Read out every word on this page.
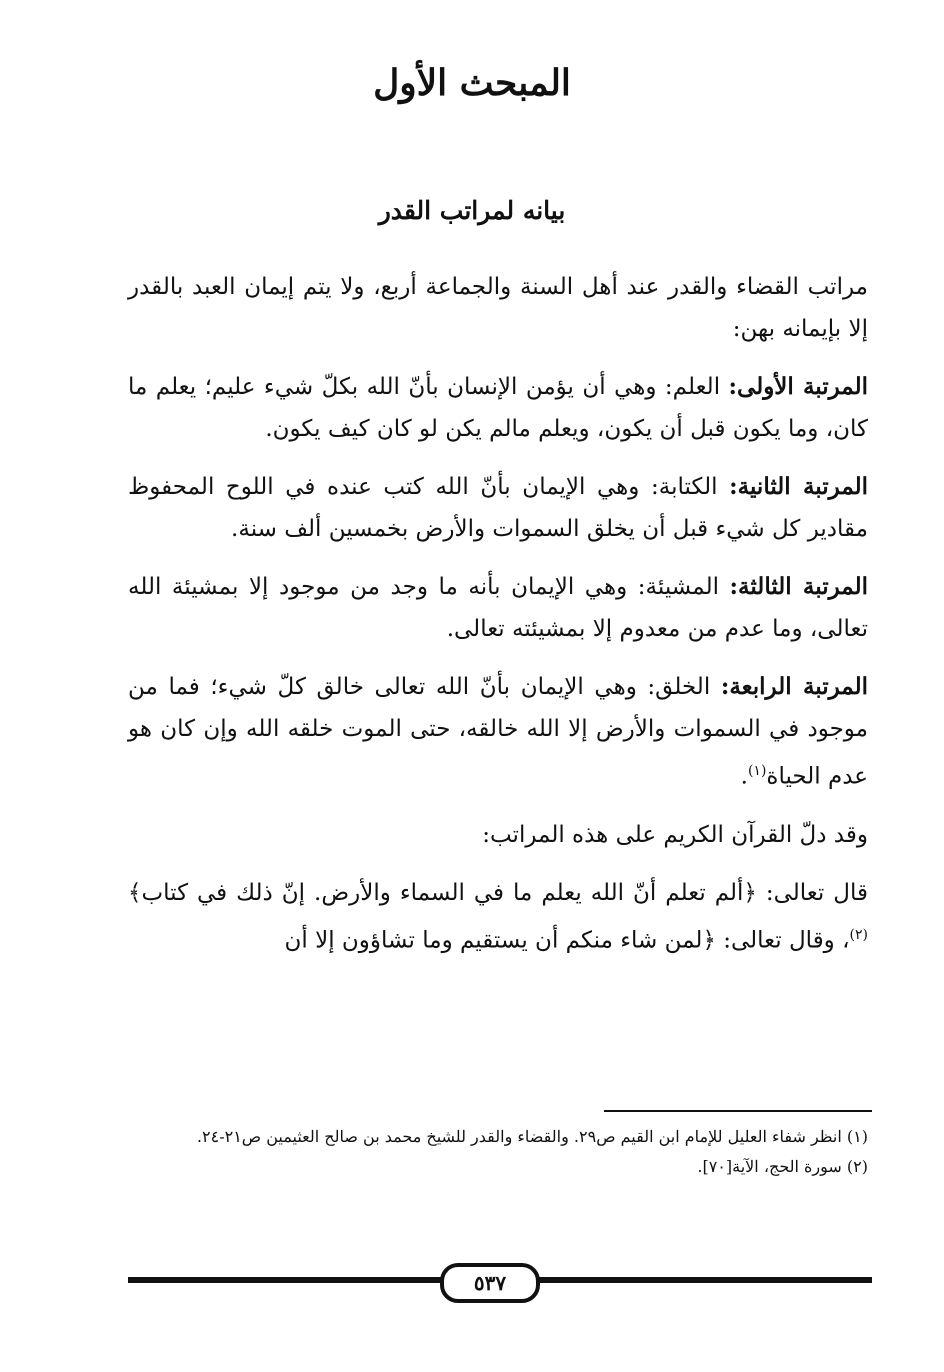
المبحث الأول
بيانه لمراتب القدر

مراتب القضاء والقدر عند أهل السنة والجماعة أربع، ولا يتم إيمان العبد بالقدر إلا بإيمانه بهن:

المرتبة الأولى: العلم: وهي أن يؤمن الإنسان بأنّ الله بكلّ شيء عليم؛ يعلم ما كان، وما يكون قبل أن يكون، ويعلم مالم يكن لو كان كيف يكون.

المرتبة الثانية: الكتابة: وهي الإيمان بأنّ الله كتب عنده في اللوح المحفوظ مقادير كل شيء قبل أن يخلق السموات والأرض بخمسين ألف سنة.

المرتبة الثالثة: المشيئة: وهي الإيمان بأنه ما وجد من موجود إلا بمشيئة الله تعالى، وما عدم من معدوم إلا بمشيئته تعالى.

المرتبة الرابعة: الخلق: وهي الإيمان بأنّ الله تعالى خالق كلّ شيء؛ فما من موجود في السموات والأرض إلا الله خالقه، حتى الموت خلقه الله وإن كان هو عدم الحياة$^{(١)}$.

وقد دلّ القرآن الكريم على هذه المراتب:

قال تعالى: ﴿ألم تعلم أنّ الله يعلم ما في السماء والأرض. إنّ ذلك في كتاب﴾$^{(٢)}$، وقال تعالى: ﴿لمن شاء منكم أن يستقيم وما تشاؤون إلا أن

(١) انظر شفاء العليل للإمام ابن القيم ص٢٩. والقضاء والقدر للشيخ محمد بن صالح العثيمين ص٢١-٢٤.

(٢) سورة الحج، الآية[٧٠].

٥٣٧
